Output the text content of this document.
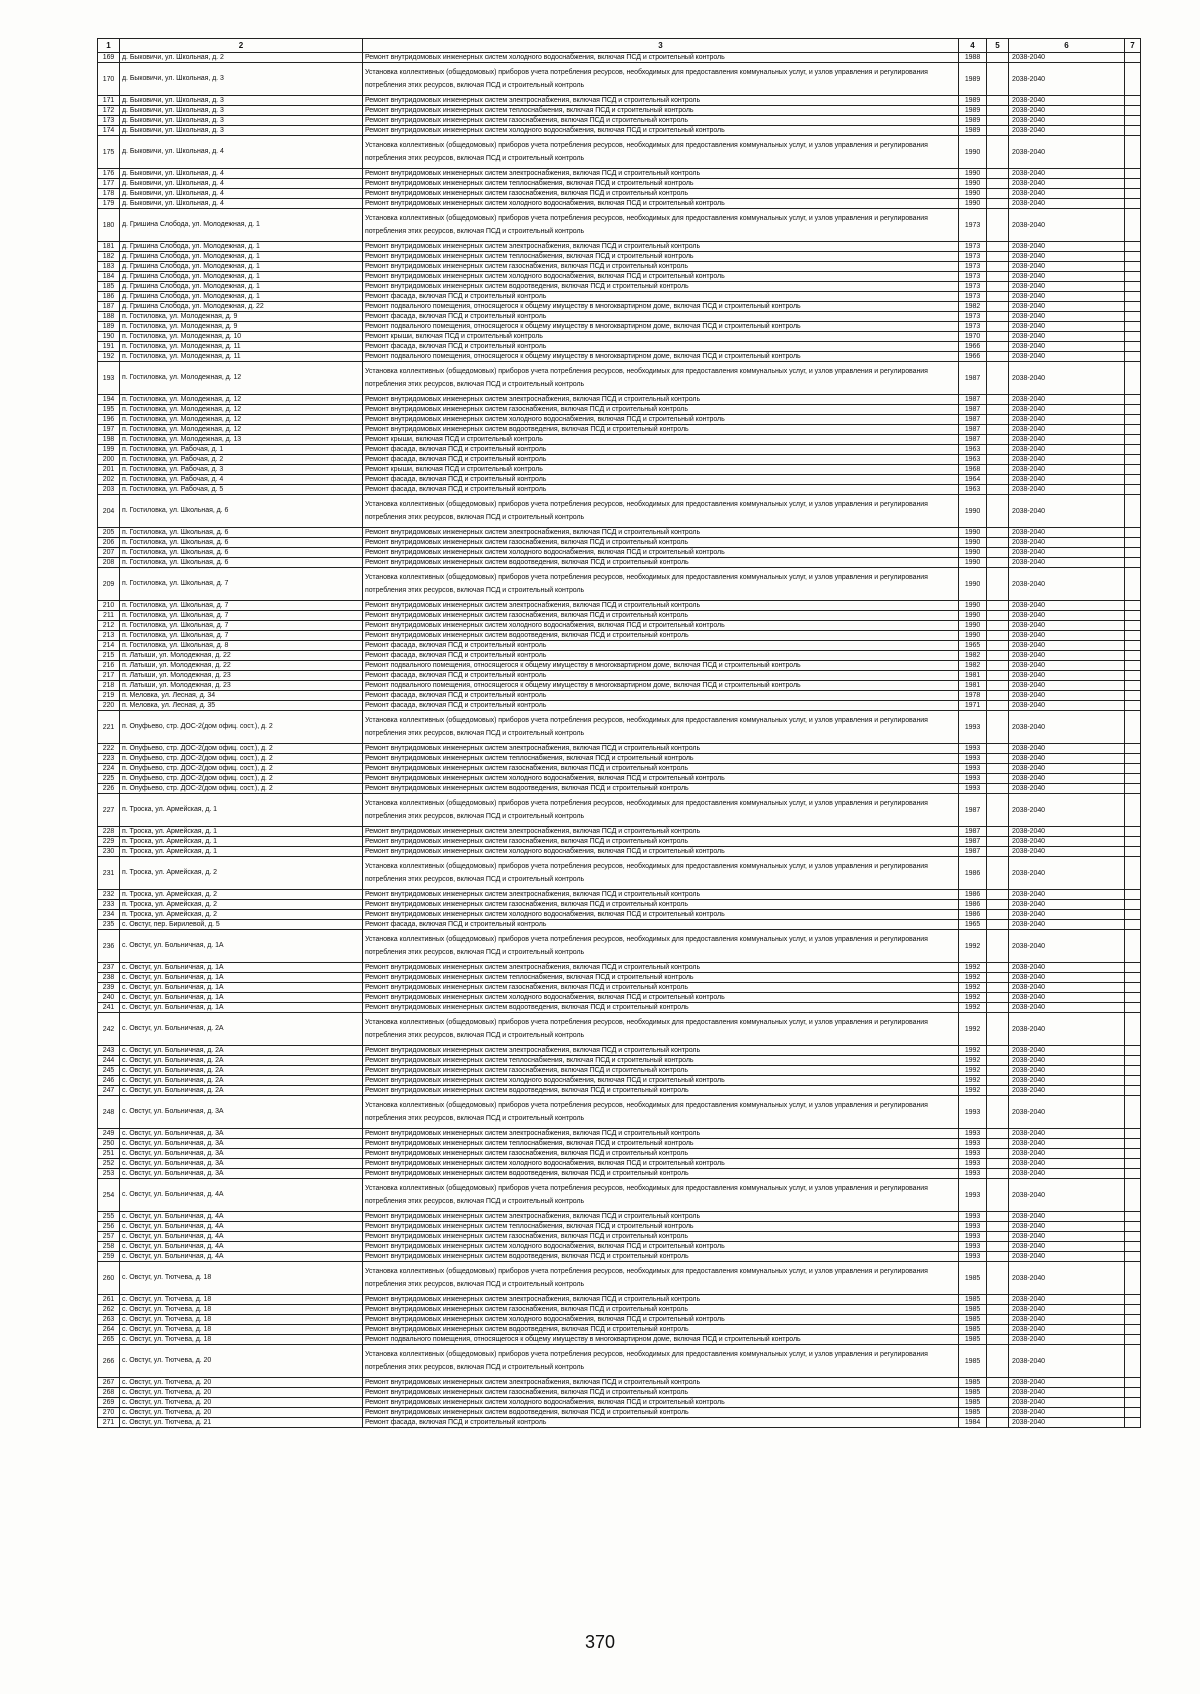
1	2	3	4	5	6	7
169	д. Быковичи, ул. Школьная, д. 2	Ремонт внутридомовых инженерных систем холодного водоснабжения, включая ПСД и строительный контроль	1988		2038-2040	
170	д. Быковичи, ул. Школьная, д. 3	Установка коллективных (общедомовых) приборов учета потребления ресурсов, необходимых для предоставления коммунальных услуг, и узлов управления и регулирования потребления этих ресурсов, включая ПСД и строительный контроль	1989		2038-2040	
171	д. Быковичи, ул. Школьная, д. 3	Ремонт внутридомовых инженерных систем электроснабжения, включая ПСД и строительный контроль	1989		2038-2040	
172	д. Быковичи, ул. Школьная, д. 3	Ремонт внутридомовых инженерных систем теплоснабжения, включая ПСД и строительный контроль	1989		2038-2040	
173	д. Быковичи, ул. Школьная, д. 3	Ремонт внутридомовых инженерных систем газоснабжения, включая ПСД и строительный контроль	1989		2038-2040	
174	д. Быковичи, ул. Школьная, д. 3	Ремонт внутридомовых инженерных систем холодного водоснабжения, включая ПСД и строительный контроль	1989		2038-2040	
175	д. Быковичи, ул. Школьная, д. 4	Установка коллективных (общедомовых) приборов учета потребления ресурсов, необходимых для предоставления коммунальных услуг, и узлов управления и регулирования потребления этих ресурсов, включая ПСД и строительный контроль	1990		2038-2040	
176	д. Быковичи, ул. Школьная, д. 4	Ремонт внутридомовых инженерных систем электроснабжения, включая ПСД и строительный контроль	1990		2038-2040	
177	д. Быковичи, ул. Школьная, д. 4	Ремонт внутридомовых инженерных систем теплоснабжения, включая ПСД и строительный контроль	1990		2038-2040	
178	д. Быковичи, ул. Школьная, д. 4	Ремонт внутридомовых инженерных систем газоснабжения, включая ПСД и строительный контроль	1990		2038-2040	
179	д. Быковичи, ул. Школьная, д. 4	Ремонт внутридомовых инженерных систем холодного водоснабжения, включая ПСД и строительный контроль	1990		2038-2040	
180	д. Гришина Слобода, ул. Молодежная, д. 1	Установка коллективных (общедомовых) приборов учета потребления ресурсов, необходимых для предоставления коммунальных услуг, и узлов управления и регулирования потребления этих ресурсов, включая ПСД и строительный контроль	1973		2038-2040	
181	д. Гришина Слобода, ул. Молодежная, д. 1	Ремонт внутридомовых инженерных систем электроснабжения, включая ПСД и строительный контроль	1973		2038-2040	
182	д. Гришина Слобода, ул. Молодежная, д. 1	Ремонт внутридомовых инженерных систем теплоснабжения, включая ПСД и строительный контроль	1973		2038-2040	
183	д. Гришина Слобода, ул. Молодежная, д. 1	Ремонт внутридомовых инженерных систем газоснабжения, включая ПСД и строительный контроль	1973		2038-2040	
184	д. Гришина Слобода, ул. Молодежная, д. 1	Ремонт внутридомовых инженерных систем холодного водоснабжения, включая ПСД и строительный контроль	1973		2038-2040	
185	д. Гришина Слобода, ул. Молодежная, д. 1	Ремонт внутридомовых инженерных систем водоотведения, включая ПСД и строительный контроль	1973		2038-2040	
186	д. Гришина Слобода, ул. Молодежная, д. 1	Ремонт фасада, включая ПСД и строительный контроль	1973		2038-2040	
187	д. Гришина Слобода, ул. Молодежная, д. 22	Ремонт подвального помещения, относящегося к общему имуществу в многоквартирном доме, включая ПСД и строительный контроль	1982		2038-2040	
188	п. Гостиловка, ул. Молодежная, д. 9	Ремонт фасада, включая ПСД и строительный контроль	1973		2038-2040	
189	п. Гостиловка, ул. Молодежная, д. 9	Ремонт подвального помещения, относящегося к общему имуществу в многоквартирном доме, включая ПСД и строительный контроль	1973		2038-2040	
190	п. Гостиловка, ул. Молодежная, д. 10	Ремонт крыши, включая ПСД и строительный контроль	1970		2038-2040	
191	п. Гостиловка, ул. Молодежная, д. 11	Ремонт фасада, включая ПСД и строительный контроль	1966		2038-2040	
192	п. Гостиловка, ул. Молодежная, д. 11	Ремонт подвального помещения, относящегося к общему имуществу в многоквартирном доме, включая ПСД и строительный контроль	1966		2038-2040	
193	п. Гостиловка, ул. Молодежная, д. 12	Установка коллективных (общедомовых) приборов учета потребления ресурсов, необходимых для предоставления коммунальных услуг, и узлов управления и регулирования потребления этих ресурсов, включая ПСД и строительный контроль	1987		2038-2040	
194	п. Гостиловка, ул. Молодежная, д. 12	Ремонт внутридомовых инженерных систем электроснабжения, включая ПСД и строительный контроль	1987		2038-2040	
195	п. Гостиловка, ул. Молодежная, д. 12	Ремонт внутридомовых инженерных систем газоснабжения, включая ПСД и строительный контроль	1987		2038-2040	
196	п. Гостиловка, ул. Молодежная, д. 12	Ремонт внутридомовых инженерных систем холодного водоснабжения, включая ПСД и строительный контроль	1987		2038-2040	
197	п. Гостиловка, ул. Молодежная, д. 12	Ремонт внутридомовых инженерных систем водоотведения, включая ПСД и строительный контроль	1987		2038-2040	
198	п. Гостиловка, ул. Молодежная, д. 13	Ремонт крыши, включая ПСД и строительный контроль	1987		2038-2040	
199	п. Гостиловка, ул. Рабочая, д. 1	Ремонт фасада, включая ПСД и строительный контроль	1963		2038-2040	
200	п. Гостиловка, ул. Рабочая, д. 2	Ремонт фасада, включая ПСД и строительный контроль	1963		2038-2040	
201	п. Гостиловка, ул. Рабочая, д. 3	Ремонт крыши, включая ПСД и строительный контроль	1968		2038-2040	
202	п. Гостиловка, ул. Рабочая, д. 4	Ремонт фасада, включая ПСД и строительный контроль	1964		2038-2040	
203	п. Гостиловка, ул. Рабочая, д. 5	Ремонт фасада, включая ПСД и строительный контроль	1963		2038-2040	
204	п. Гостиловка, ул. Школьная, д. 6	Установка коллективных (общедомовых) приборов учета потребления ресурсов, необходимых для предоставления коммунальных услуг, и узлов управления и регулирования потребления этих ресурсов, включая ПСД и строительный контроль	1990		2038-2040	
205	п. Гостиловка, ул. Школьная, д. 6	Ремонт внутридомовых инженерных систем электроснабжения, включая ПСД и строительный контроль	1990		2038-2040	
206	п. Гостиловка, ул. Школьная, д. 6	Ремонт внутридомовых инженерных систем газоснабжения, включая ПСД и строительный контроль	1990		2038-2040	
207	п. Гостиловка, ул. Школьная, д. 6	Ремонт внутридомовых инженерных систем холодного водоснабжения, включая ПСД и строительный контроль	1990		2038-2040	
208	п. Гостиловка, ул. Школьная, д. 6	Ремонт внутридомовых инженерных систем водоотведения, включая ПСД и строительный контроль	1990		2038-2040	
209	п. Гостиловка, ул. Школьная, д. 7	Установка коллективных (общедомовых) приборов учета потребления ресурсов, необходимых для предоставления коммунальных услуг, и узлов управления и регулирования потребления этих ресурсов, включая ПСД и строительный контроль	1990		2038-2040	
210	п. Гостиловка, ул. Школьная, д. 7	Ремонт внутридомовых инженерных систем электроснабжения, включая ПСД и строительный контроль	1990		2038-2040	
211	п. Гостиловка, ул. Школьная, д. 7	Ремонт внутридомовых инженерных систем газоснабжения, включая ПСД и строительный контроль	1990		2038-2040	
212	п. Гостиловка, ул. Школьная, д. 7	Ремонт внутридомовых инженерных систем холодного водоснабжения, включая ПСД и строительный контроль	1990		2038-2040	
213	п. Гостиловка, ул. Школьная, д. 7	Ремонт внутридомовых инженерных систем водоотведения, включая ПСД и строительный контроль	1990		2038-2040	
214	п. Гостиловка, ул. Школьная, д. 8	Ремонт фасада, включая ПСД и строительный контроль	1965		2038-2040	
215	п. Латыши, ул. Молодежная, д. 22	Ремонт фасада, включая ПСД и строительный контроль	1982		2038-2040	
216	п. Латыши, ул. Молодежная, д. 22	Ремонт подвального помещения, относящегося к общему имуществу в многоквартирном доме, включая ПСД и строительный контроль	1982		2038-2040	
217	п. Латыши, ул. Молодежная, д. 23	Ремонт фасада, включая ПСД и строительный контроль	1981		2038-2040	
218	п. Латыши, ул. Молодежная, д. 23	Ремонт подвального помещения, относящегося к общему имуществу в многоквартирном доме, включая ПСД и строительный контроль	1981		2038-2040	
219	п. Меловка, ул. Лесная, д. 34	Ремонт фасада, включая ПСД и строительный контроль	1978		2038-2040	
220	п. Меловка, ул. Лесная, д. 35	Ремонт фасада, включая ПСД и строительный контроль	1971		2038-2040	
221	п. Опуфьево, стр. ДОС-2(дом офиц. сост.), д. 2	Установка коллективных (общедомовых) приборов учета потребления ресурсов, необходимых для предоставления коммунальных услуг, и узлов управления и регулирования потребления этих ресурсов, включая ПСД и строительный контроль	1993		2038-2040	
222	п. Опуфьево, стр. ДОС-2(дом офиц. сост.), д. 2	Ремонт внутридомовых инженерных систем электроснабжения, включая ПСД и строительный контроль	1993		2038-2040	
223	п. Опуфьево, стр. ДОС-2(дом офиц. сост.), д. 2	Ремонт внутридомовых инженерных систем теплоснабжения, включая ПСД и строительный контроль	1993		2038-2040	
224	п. Опуфьево, стр. ДОС-2(дом офиц. сост.), д. 2	Ремонт внутридомовых инженерных систем газоснабжения, включая ПСД и строительный контроль	1993		2038-2040	
225	п. Опуфьево, стр. ДОС-2(дом офиц. сост.), д. 2	Ремонт внутридомовых инженерных систем холодного водоснабжения, включая ПСД и строительный контроль	1993		2038-2040	
226	п. Опуфьево, стр. ДОС-2(дом офиц. сост.), д. 2	Ремонт внутридомовых инженерных систем водоотведения, включая ПСД и строительный контроль	1993		2038-2040	
227	п. Троска, ул. Армейская, д. 1	Установка коллективных (общедомовых) приборов учета потребления ресурсов, необходимых для предоставления коммунальных услуг, и узлов управления и регулирования потребления этих ресурсов, включая ПСД и строительный контроль	1987		2038-2040	
228	п. Троска, ул. Армейская, д. 1	Ремонт внутридомовых инженерных систем электроснабжения, включая ПСД и строительный контроль	1987		2038-2040	
229	п. Троска, ул. Армейская, д. 1	Ремонт внутридомовых инженерных систем газоснабжения, включая ПСД и строительный контроль	1987		2038-2040	
230	п. Троска, ул. Армейская, д. 1	Ремонт внутридомовых инженерных систем холодного водоснабжения, включая ПСД и строительный контроль	1987		2038-2040	
231	п. Троска, ул. Армейская, д. 2	Установка коллективных (общедомовых) приборов учета потребления ресурсов, необходимых для предоставления коммунальных услуг, и узлов управления и регулирования потребления этих ресурсов, включая ПСД и строительный контроль	1986		2038-2040	
232	п. Троска, ул. Армейская, д. 2	Ремонт внутридомовых инженерных систем электроснабжения, включая ПСД и строительный контроль	1986		2038-2040	
233	п. Троска, ул. Армейская, д. 2	Ремонт внутридомовых инженерных систем газоснабжения, включая ПСД и строительный контроль	1986		2038-2040	
234	п. Троска, ул. Армейская, д. 2	Ремонт внутридомовых инженерных систем холодного водоснабжения, включая ПСД и строительный контроль	1986		2038-2040	
235	с. Овстуг, пер. Бирилевой, д. 5	Ремонт фасада, включая ПСД и строительный контроль	1965		2038-2040	
236	с. Овстуг, ул. Больничная, д. 1А	Установка коллективных (общедомовых) приборов учета потребления ресурсов, необходимых для предоставления коммунальных услуг, и узлов управления и регулирования потребления этих ресурсов, включая ПСД и строительный контроль	1992		2038-2040	
237	с. Овстуг, ул. Больничная, д. 1А	Ремонт внутридомовых инженерных систем электроснабжения, включая ПСД и строительный контроль	1992		2038-2040	
238	с. Овстуг, ул. Больничная, д. 1А	Ремонт внутридомовых инженерных систем теплоснабжения, включая ПСД и строительный контроль	1992		2038-2040	
239	с. Овстуг, ул. Больничная, д. 1А	Ремонт внутридомовых инженерных систем газоснабжения, включая ПСД и строительный контроль	1992		2038-2040	
240	с. Овстуг, ул. Больничная, д. 1А	Ремонт внутридомовых инженерных систем холодного водоснабжения, включая ПСД и строительный контроль	1992		2038-2040	
241	с. Овстуг, ул. Больничная, д. 1А	Ремонт внутридомовых инженерных систем водоотведения, включая ПСД и строительный контроль	1992		2038-2040	
242	с. Овстуг, ул. Больничная, д. 2А	Установка коллективных (общедомовых) приборов учета потребления ресурсов, необходимых для предоставления коммунальных услуг, и узлов управления и регулирования потребления этих ресурсов, включая ПСД и строительный контроль	1992		2038-2040	
243	с. Овстуг, ул. Больничная, д. 2А	Ремонт внутридомовых инженерных систем электроснабжения, включая ПСД и строительный контроль	1992		2038-2040	
244	с. Овстуг, ул. Больничная, д. 2А	Ремонт внутридомовых инженерных систем теплоснабжения, включая ПСД и строительный контроль	1992		2038-2040	
245	с. Овстуг, ул. Больничная, д. 2А	Ремонт внутридомовых инженерных систем газоснабжения, включая ПСД и строительный контроль	1992		2038-2040	
246	с. Овстуг, ул. Больничная, д. 2А	Ремонт внутридомовых инженерных систем холодного водоснабжения, включая ПСД и строительный контроль	1992		2038-2040	
247	с. Овстуг, ул. Больничная, д. 2А	Ремонт внутридомовых инженерных систем водоотведения, включая ПСД и строительный контроль	1992		2038-2040	
248	с. Овстуг, ул. Больничная, д. 3А	Установка коллективных (общедомовых) приборов учета потребления ресурсов, необходимых для предоставления коммунальных услуг, и узлов управления и регулирования потребления этих ресурсов, включая ПСД и строительный контроль	1993		2038-2040	
249	с. Овстуг, ул. Больничная, д. 3А	Ремонт внутридомовых инженерных систем электроснабжения, включая ПСД и строительный контроль	1993		2038-2040	
250	с. Овстуг, ул. Больничная, д. 3А	Ремонт внутридомовых инженерных систем теплоснабжения, включая ПСД и строительный контроль	1993		2038-2040	
251	с. Овстуг, ул. Больничная, д. 3А	Ремонт внутридомовых инженерных систем газоснабжения, включая ПСД и строительный контроль	1993		2038-2040	
252	с. Овстуг, ул. Больничная, д. 3А	Ремонт внутридомовых инженерных систем холодного водоснабжения, включая ПСД и строительный контроль	1993		2038-2040	
253	с. Овстуг, ул. Больничная, д. 3А	Ремонт внутридомовых инженерных систем водоотведения, включая ПСД и строительный контроль	1993		2038-2040	
254	с. Овстуг, ул. Больничная, д. 4А	Установка коллективных (общедомовых) приборов учета потребления ресурсов, необходимых для предоставления коммунальных услуг, и узлов управления и регулирования потребления этих ресурсов, включая ПСД и строительный контроль	1993		2038-2040	
255	с. Овстуг, ул. Больничная, д. 4А	Ремонт внутридомовых инженерных систем электроснабжения, включая ПСД и строительный контроль	1993		2038-2040	
256	с. Овстуг, ул. Больничная, д. 4А	Ремонт внутридомовых инженерных систем теплоснабжения, включая ПСД и строительный контроль	1993		2038-2040	
257	с. Овстуг, ул. Больничная, д. 4А	Ремонт внутридомовых инженерных систем газоснабжения, включая ПСД и строительный контроль	1993		2038-2040	
258	с. Овстуг, ул. Больничная, д. 4А	Ремонт внутридомовых инженерных систем холодного водоснабжения, включая ПСД и строительный контроль	1993		2038-2040	
259	с. Овстуг, ул. Больничная, д. 4А	Ремонт внутридомовых инженерных систем водоотведения, включая ПСД и строительный контроль	1993		2038-2040	
260	с. Овстуг, ул. Тютчева, д. 18	Установка коллективных (общедомовых) приборов учета потребления ресурсов, необходимых для предоставления коммунальных услуг, и узлов управления и регулирования потребления этих ресурсов, включая ПСД и строительный контроль	1985		2038-2040	
261	с. Овстуг, ул. Тютчева, д. 18	Ремонт внутридомовых инженерных систем электроснабжения, включая ПСД и строительный контроль	1985		2038-2040	
262	с. Овстуг, ул. Тютчева, д. 18	Ремонт внутридомовых инженерных систем газоснабжения, включая ПСД и строительный контроль	1985		2038-2040	
263	с. Овстуг, ул. Тютчева, д. 18	Ремонт внутридомовых инженерных систем холодного водоснабжения, включая ПСД и строительный контроль	1985		2038-2040	
264	с. Овстуг, ул. Тютчева, д. 18	Ремонт внутридомовых инженерных систем водоотведения, включая ПСД и строительный контроль	1985		2038-2040	
265	с. Овстуг, ул. Тютчева, д. 18	Ремонт подвального помещения, относящегося к общему имуществу в многоквартирном доме, включая ПСД и строительный контроль	1985		2038-2040	
266	с. Овстуг, ул. Тютчева, д. 20	Установка коллективных (общедомовых) приборов учета потребления ресурсов, необходимых для предоставления коммунальных услуг, и узлов управления и регулирования потребления этих ресурсов, включая ПСД и строительный контроль	1985		2038-2040	
267	с. Овстуг, ул. Тютчева, д. 20	Ремонт внутридомовых инженерных систем электроснабжения, включая ПСД и строительный контроль	1985		2038-2040	
268	с. Овстуг, ул. Тютчева, д. 20	Ремонт внутридомовых инженерных систем газоснабжения, включая ПСД и строительный контроль	1985		2038-2040	
269	с. Овстуг, ул. Тютчева, д. 20	Ремонт внутридомовых инженерных систем холодного водоснабжения, включая ПСД и строительный контроль	1985		2038-2040	
270	с. Овстуг, ул. Тютчева, д. 20	Ремонт внутридомовых инженерных систем водоотведения, включая ПСД и строительный контроль	1985		2038-2040	
271	с. Овстуг, ул. Тютчева, д. 21	Ремонт фасада, включая ПСД и строительный контроль	1984		2038-2040	
370
